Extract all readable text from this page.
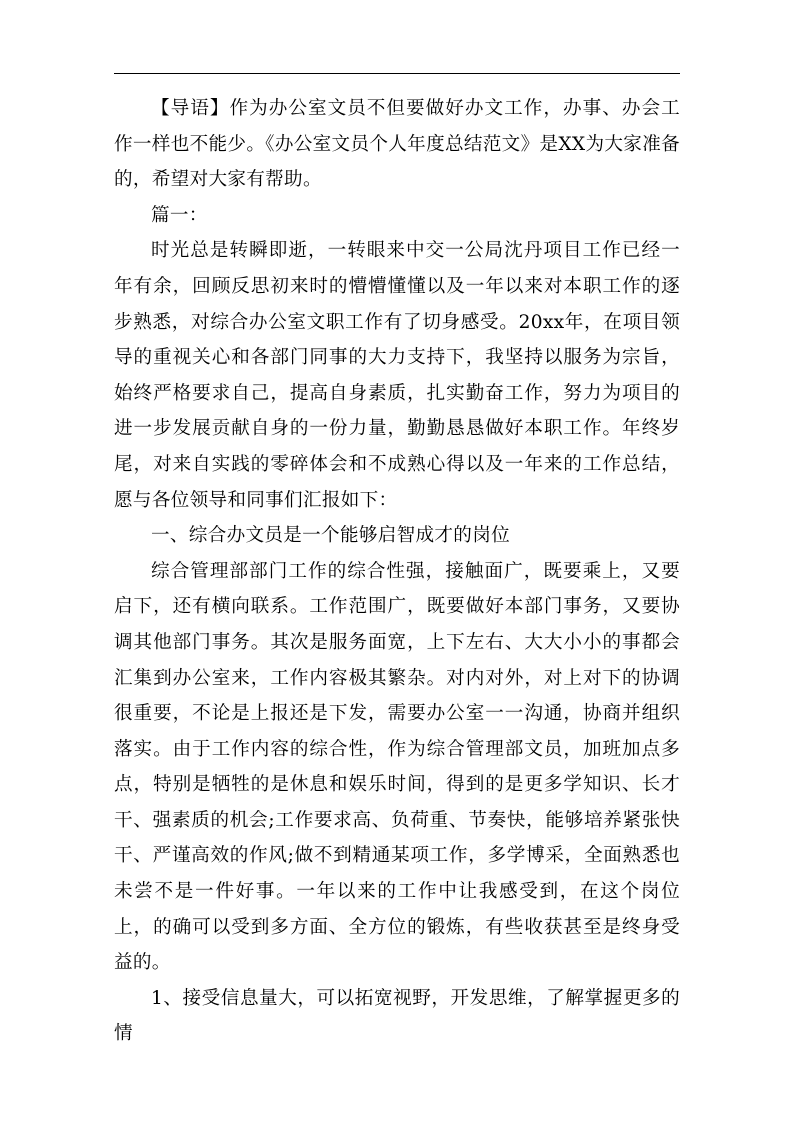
【导语】作为办公室文员不但要做好办文工作，办事、办会工作一样也不能少。《办公室文员个人年度总结范文》是XX为大家准备的，希望对大家有帮助。

篇一：

时光总是转瞬即逝，一转眼来中交一公局沈丹项目工作已经一年有余，回顾反思初来时的懵懵懂懂以及一年以来对本职工作的逐步熟悉，对综合办公室文职工作有了切身感受。20xx年，在项目领导的重视关心和各部门同事的大力支持下，我坚持以服务为宗旨，始终严格要求自己，提高自身素质，扎实勤奋工作，努力为项目的进一步发展贡献自身的一份力量，勤勤恳恳做好本职工作。年终岁尾，对来自实践的零碎体会和不成熟心得以及一年来的工作总结，愿与各位领导和同事们汇报如下：

一、综合办文员是一个能够启智成才的岗位

综合管理部部门工作的综合性强，接触面广，既要乘上，又要启下，还有横向联系。工作范围广，既要做好本部门事务，又要协调其他部门事务。其次是服务面宽，上下左右、大大小小的事都会汇集到办公室来，工作内容极其繁杂。对内对外，对上对下的协调很重要，不论是上报还是下发，需要办公室一一沟通，协商并组织落实。由于工作内容的综合性，作为综合管理部文员，加班加点多点，特别是牺牲的是休息和娱乐时间，得到的是更多学知识、长才干、强素质的机会;工作要求高、负荷重、节奏快，能够培养紧张快干、严谨高效的作风;做不到精通某项工作，多学博采，全面熟悉也未尝不是一件好事。一年以来的工作中让我感受到，在这个岗位上，的确可以受到多方面、全方位的锻炼，有些收获甚至是终身受益的。

1、接受信息量大，可以拓宽视野，开发思维，了解掌握更多的情
